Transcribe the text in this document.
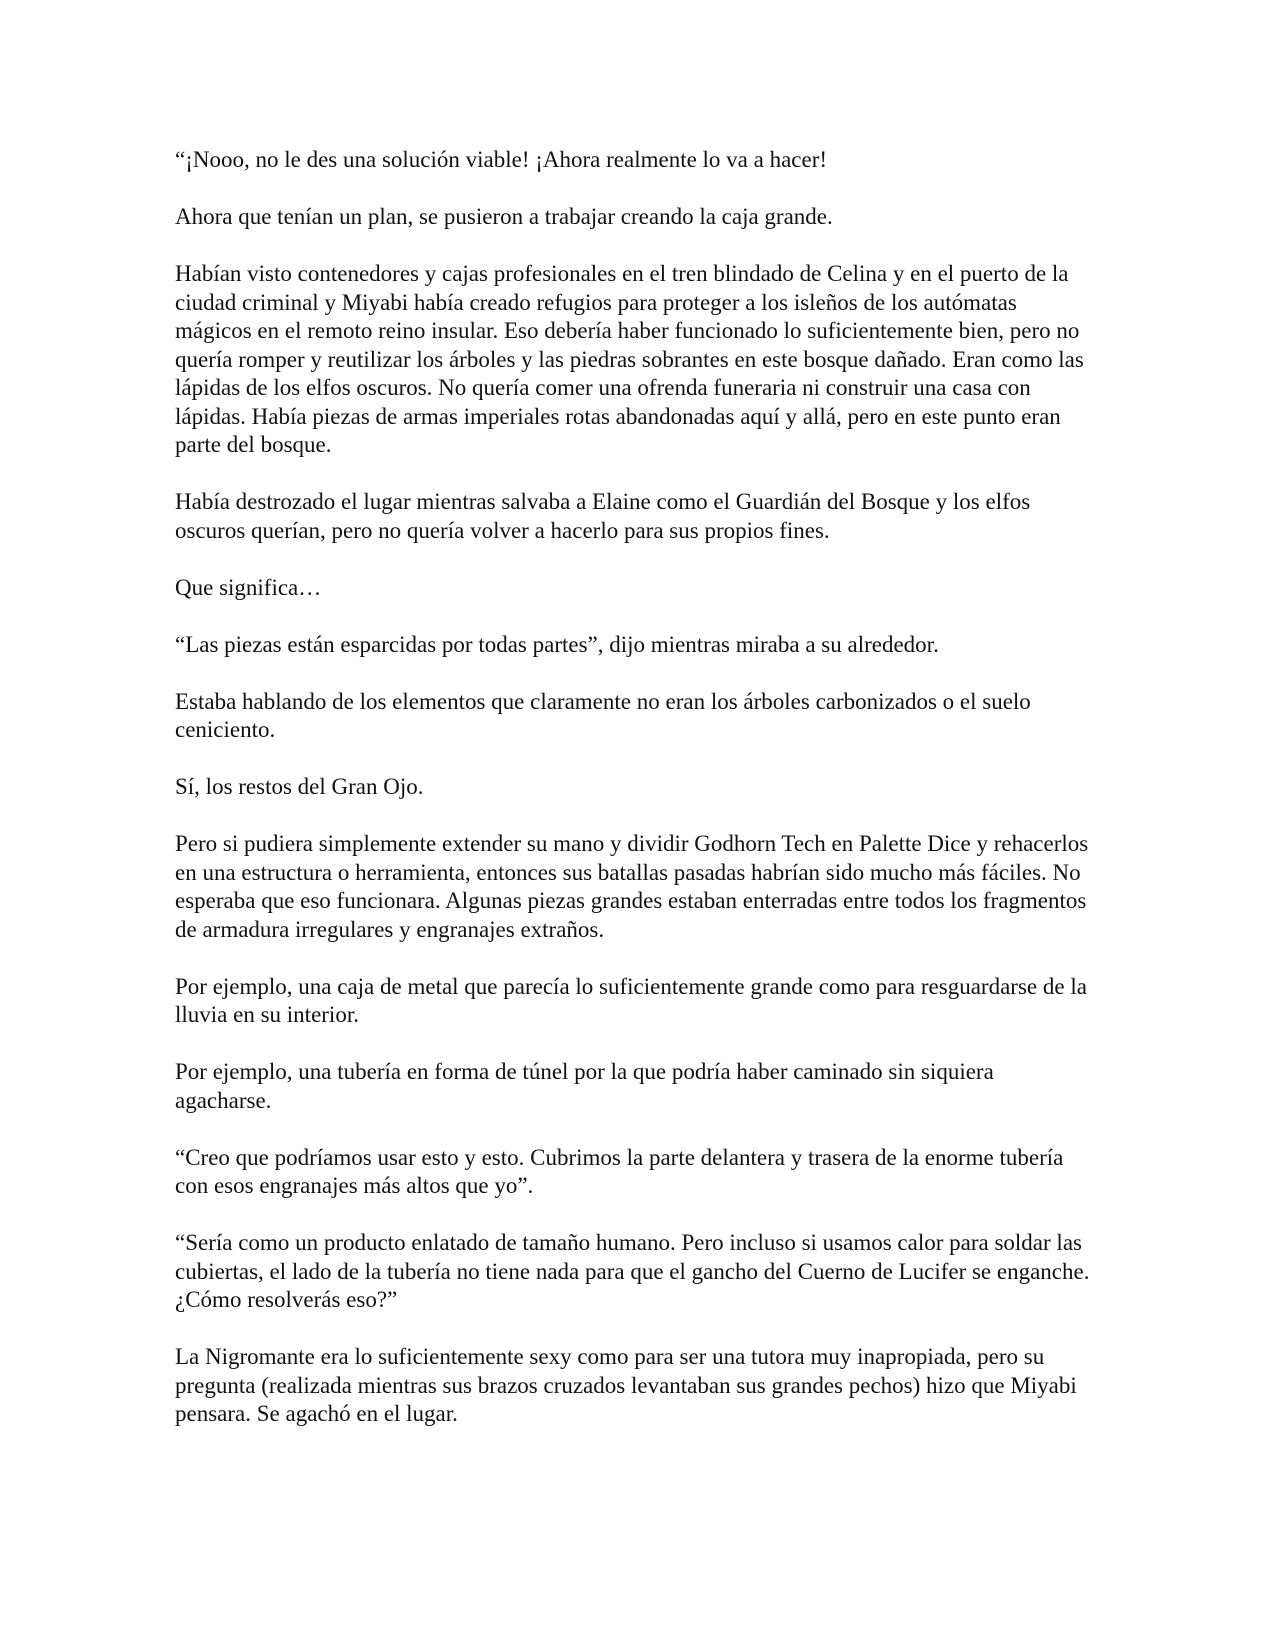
“¡Nooo, no le des una solución viable! ¡Ahora realmente lo va a hacer!

Ahora que tenían un plan, se pusieron a trabajar creando la caja grande.

Habían visto contenedores y cajas profesionales en el tren blindado de Celina y en el puerto de la ciudad criminal y Miyabi había creado refugios para proteger a los isleños de los autómatas mágicos en el remoto reino insular. Eso debería haber funcionado lo suficientemente bien, pero no quería romper y reutilizar los árboles y las piedras sobrantes en este bosque dañado. Eran como las lápidas de los elfos oscuros. No quería comer una ofrenda funeraria ni construir una casa con lápidas. Había piezas de armas imperiales rotas abandonadas aquí y allá, pero en este punto eran parte del bosque.

Había destrozado el lugar mientras salvaba a Elaine como el Guardián del Bosque y los elfos oscuros querían, pero no quería volver a hacerlo para sus propios fines.

Que significa…

“Las piezas están esparcidas por todas partes”, dijo mientras miraba a su alrededor.

Estaba hablando de los elementos que claramente no eran los árboles carbonizados o el suelo ceniciento.

Sí, los restos del Gran Ojo.

Pero si pudiera simplemente extender su mano y dividir Godhorn Tech en Palette Dice y rehacerlos en una estructura o herramienta, entonces sus batallas pasadas habrían sido mucho más fáciles. No esperaba que eso funcionara. Algunas piezas grandes estaban enterradas entre todos los fragmentos de armadura irregulares y engranajes extraños.

Por ejemplo, una caja de metal que parecía lo suficientemente grande como para resguardarse de la lluvia en su interior.

Por ejemplo, una tubería en forma de túnel por la que podría haber caminado sin siquiera agacharse.

“Creo que podríamos usar esto y esto. Cubrimos la parte delantera y trasera de la enorme tubería con esos engranajes más altos que yo”.

“Sería como un producto enlatado de tamaño humano. Pero incluso si usamos calor para soldar las cubiertas, el lado de la tubería no tiene nada para que el gancho del Cuerno de Lucifer se enganche. ¿Cómo resolverás eso?”

La Nigromante era lo suficientemente sexy como para ser una tutora muy inapropiada, pero su pregunta (realizada mientras sus brazos cruzados levantaban sus grandes pechos) hizo que Miyabi pensara. Se agachó en el lugar.
